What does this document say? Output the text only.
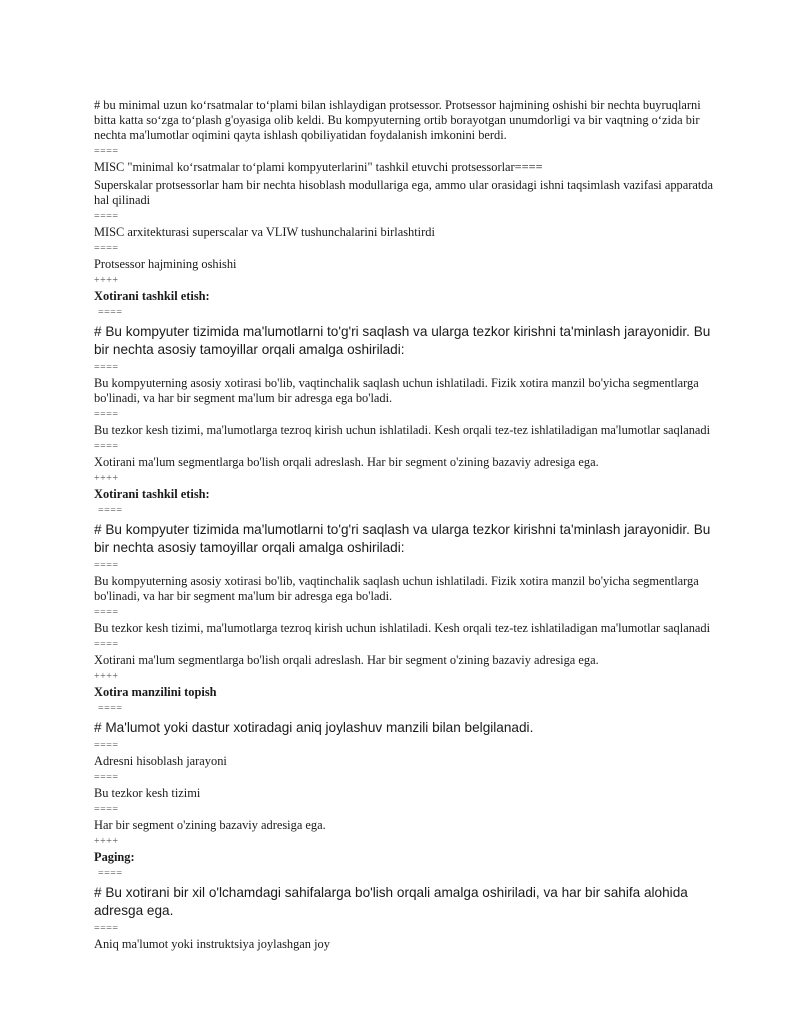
# bu minimal uzun ko‘rsatmalar to‘plami bilan ishlaydigan protsessor. Protsessor hajmining oshishi bir nechta buyruqlarni bitta katta so‘zga to‘plash g'oyasiga olib keldi. Bu kompyuterning ortib borayotgan unumdorligi va bir vaqtning o‘zida bir nechta ma'lumotlar oqimini qayta ishlash qobiliyatidan foydalanish imkonini berdi.
====
MISC "minimal ko‘rsatmalar to‘plami kompyuterlarini" tashkil etuvchi protsessorlar====
Superskalar protsessorlar ham bir nechta hisoblash modullariga ega, ammo ular orasidagi ishni taqsimlash vazifasi apparatda hal qilinadi
====
MISC arxitekturasi superscalar va VLIW tushunchalarini birlashtirdi
====
Protsessor hajmining oshishi
++++
Xotirani tashkil etish:
====
# Bu kompyuter tizimida ma'lumotlarni to'g'ri saqlash va ularga tezkor kirishni ta'minlash jarayonidir. Bu bir nechta asosiy tamoyillar orqali amalga oshiriladi:
====
Bu kompyuterning asosiy xotirasi bo'lib, vaqtinchalik saqlash uchun ishlatiladi. Fizik xotira manzil bo'yicha segmentlarga bo'linadi, va har bir segment ma'lum bir adresga ega bo'ladi.
====
Bu tezkor kesh tizimi, ma'lumotlarga tezroq kirish uchun ishlatiladi. Kesh orqali tez-tez ishlatiladigan ma'lumotlar saqlanadi
====
Xotirani ma'lum segmentlarga bo'lish orqali adreslash. Har bir segment o'zining bazaviy adresiga ega.
++++
Xotirani tashkil etish:
====
# Bu kompyuter tizimida ma'lumotlarni to'g'ri saqlash va ularga tezkor kirishni ta'minlash jarayonidir. Bu bir nechta asosiy tamoyillar orqali amalga oshiriladi:
====
Bu kompyuterning asosiy xotirasi bo'lib, vaqtinchalik saqlash uchun ishlatiladi. Fizik xotira manzil bo'yicha segmentlarga bo'linadi, va har bir segment ma'lum bir adresga ega bo'ladi.
====
Bu tezkor kesh tizimi, ma'lumotlarga tezroq kirish uchun ishlatiladi. Kesh orqali tez-tez ishlatiladigan ma'lumotlar saqlanadi
====
Xotirani ma'lum segmentlarga bo'lish orqali adreslash. Har bir segment o'zining bazaviy adresiga ega.
++++
Xotira manzilini topish
====
# Ma'lumot yoki dastur xotiradagi aniq joylashuv manzili bilan belgilanadi.
====
Adresni hisoblash jarayoni
====
Bu tezkor kesh tizimi
====
Har bir segment o'zining bazaviy adresiga ega.
++++
Paging:
====
# Bu xotirani bir xil o'lchamdagi sahifalarga bo'lish orqali amalga oshiriladi, va har bir sahifa alohida adresga ega.
====
Aniq ma'lumot yoki instruktsiya joylashgan joy
